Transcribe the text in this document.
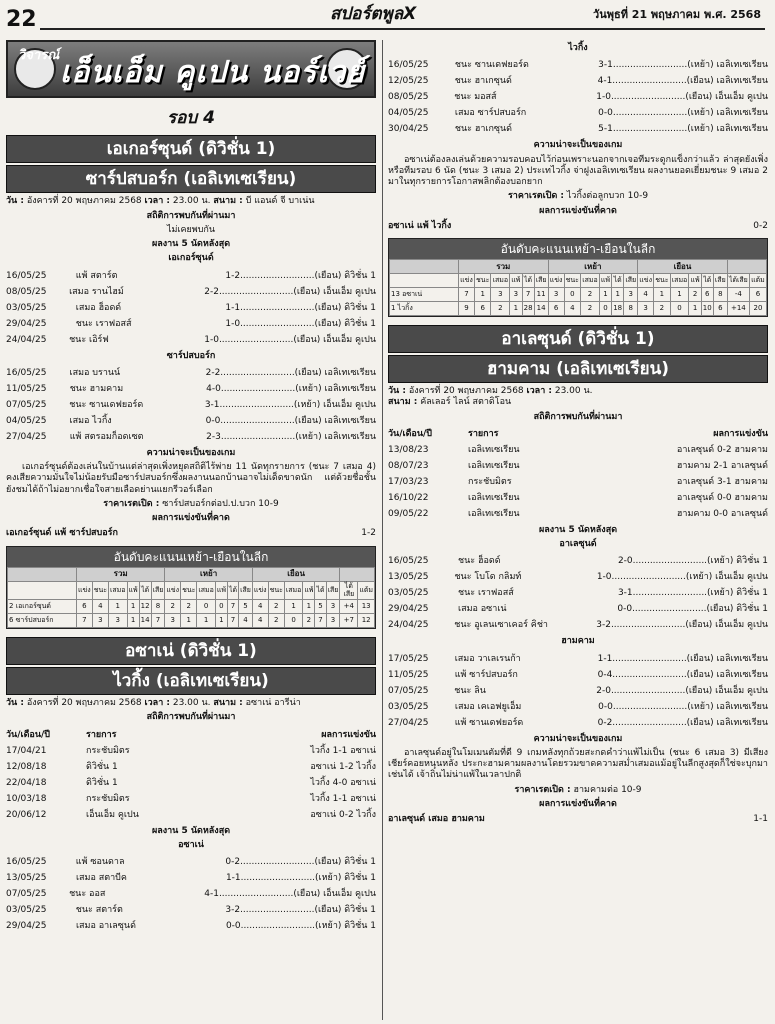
22	สปอร์ตพูลX	วันพุธที่ 21 พฤษภาคม พ.ศ. 2568
วิจารณ์ เอ็นเอ็ม คูเปน นอร์เวย์
รอบ 4
เอเกอร์ซุนด์ (ดิวิชั่น 1)
ซาร์ปสบอร์ก (เอลิเทเซเรียน)
วัน : อังคารที่ 20 พฤษภาคม 2568 เวลา : 23.00 น. สนาม : บี แอนด์ จี บาเน่น
สถิติการพบกันที่ผ่านมา
ไม่เคยพบกัน
ผลงาน 5 นัดหลังสุด
เอเกอร์ซุนด์
16/05/25	แพ้ สตาร์ต	1-2..........................(เยือน) ดิวิชั่น 1
08/05/25	เสมอ รานไฮม์	2-2..........................(เยือน) เอ็นเอ็ม คูเปน
03/05/25	เสมอ ฮ็อดด์	1-1..........................(เยือน) ดิวิชั่น 1
29/04/25	ชนะ เราฟอสส์	1-0..........................(เยือน) ดิวิชั่น 1
24/04/25	ชนะ เอิร์ฟ	1-0..........................(เยือน) เอ็นเอ็ม คูเปน
ซาร์ปสบอร์ก
16/05/25	เสมอ บรานน์	2-2..........................(เยือน) เอลิเทเซเรียน
11/05/25	ชนะ ฮามคาม	4-0..........................(เหย้า) เอลิเทเซเรียน
07/05/25	ชนะ ซานเดฟยอร์ด	3-1..........................(เหย้า) เอ็นเอ็ม คูเปน
04/05/25	เสมอ ไวกิ้ง	0-0..........................(เยือน) เอลิเทเซเรียน
27/04/25	แพ้ สตรอมก็อดเซต	2-3..........................(เหย้า) เอลิเทเซเรียน
ความน่าจะเป็นของเกม
เอเกอร์ซุนด์ต้องเล่นในบ้านแต่ล่าสุดเพิ่งหยุดสถิติไร้พ่าย 11 นัดทุกรายการ (ชนะ 7 เสมอ 4) คงเสียความมั่นใจไม่น้อยรับมือซาร์ปสบอร์กซึ่งผลงานนอกบ้านอาจไม่เด็ดขาดนัก แต่ด้วยชื่อชั้นยังชมได้ถ้าไม่อยากเชื่อใจสายเลือดย่านแยกรีวอร์เลือก
ราคาเรตเปิด : ซาร์ปสบอร์กต่อป.ป.บวก 10-9
ผลการแข่งขันที่คาด
เอเกอร์ซุนด์ แพ้ ซาร์ปสบอร์ก	1-2
อันดับคะแนนเหย้า-เยือนในลีก
	รวม						เหย้า						เยือน							
	แข่ง	ชนะ	เสมอ	แพ้	ได้	เสีย	แข่ง	ชนะ	เสมอ	แพ้	ได้	เสีย	แข่ง	ชนะ	เสมอ	แพ้	ได้	เสีย	ได้เสีย	แต้ม
2 เอเกอร์ซุนด์	6	4	1	1	12	8	2	2	0	0	7	5	4	2	1	1	5	3	+4	13
6 ซาร์ปสบอร์ก	7	3	3	1	14	7	3	1	1	1	7	4	4	2	0	2	7	3	+7	12
อซาเน่ (ดิวิชั่น 1)
ไวกิ้ง (เอลิเทเซเรียน)
วัน : อังคารที่ 20 พฤษภาคม 2568 เวลา : 23.00 น. สนาม : อซาเน่ อารีน่า
สถิติการพบกันที่ผ่านมา
วัน/เดือน/ปี	รายการ	ผลการแข่งขัน
17/04/21	กระชับมิตร	ไวกิ้ง 1-1 อซาเน่
12/08/18	ดิวิชั่น 1	อซาเน่ 1-2 ไวกิ้ง
22/04/18	ดิวิชั่น 1	ไวกิ้ง 4-0 อซาเน่
10/03/18	กระชับมิตร	ไวกิ้ง 1-1 อซาเน่
20/06/12	เอ็นเอ็ม คูเปน	อซาเน่ 0-2 ไวกิ้ง
ผลงาน 5 นัดหลังสุด
อซาเน่
16/05/25	แพ้ ซอนดาล	0-2..........................(เยือน) ดิวิชั่น 1
13/05/25	เสมอ สตาบีค	1-1..........................(เหย้า) ดิวิชั่น 1
07/05/25	ชนะ ออส	4-1..........................(เยือน) เอ็นเอ็ม คูเปน
03/05/25	ชนะ สตาร์ต	3-2..........................(เยือน) ดิวิชั่น 1
29/04/25	เสมอ อาเลซุนด์	0-0..........................(เหย้า) ดิวิชั่น 1
ไวกิ้ง
16/05/25	ชนะ ซานเดฟยอร์ด	3-1..........................(เหย้า) เอลิเทเซเรียน
12/05/25	ชนะ ฮาเกซุนด์	4-1..........................(เยือน) เอลิเทเซเรียน
08/05/25	ชนะ มอสส์	1-0..........................(เยือน) เอ็นเอ็ม คูเปน
04/05/25	เสมอ ซาร์ปสบอร์ก	0-0..........................(เหย้า) เอลิเทเซเรียน
30/04/25	ชนะ ฮาเกซุนด์	5-1..........................(เหย้า) เอลิเทเซเรียน
ความน่าจะเป็นของเกม
อซาเน่ต้องลงเล่นด้วยความรอบคอบไว้ก่อนเพราะนอกจากเจอทีมระดูกแข็งกว่าแล้ว ล่าสุดยังเพิ่งหรือทีมรอบ 6 นัด (ชนะ 3 เสมอ 2) ประเทไวกิ้ง จ่าฝูงเอลิเทเซเรียน ผลงานยอดเยี่ยมชนะ 9 เสมอ 2 มาในทุกรายการโอกาสพลิกต้องบอกยาก
ราคาเรตเปิด : ไวกิ้งต่อลูกบวก 10-9
ผลการแข่งขันที่คาด
อซาเน่ แพ้ ไวกิ้ง	0-2
อันดับคะแนนเหย้า-เยือนในลีก
	รวม						เหย้า						เยือน							
	แข่ง	ชนะ	เสมอ	แพ้	ได้	เสีย	แข่ง	ชนะ	เสมอ	แพ้	ได้	เสีย	แข่ง	ชนะ	เสมอ	แพ้	ได้	เสีย	ได้เสีย	แต้ม
13 อซาเน่	7	1	3	3	7	11	3	0	2	1	1	3	4	1	1	2	6	8	-4	6
1 ไวกิ้ง	9	6	2	1	28	14	6	4	2	0	18	8	3	2	0	1	10	6	+14	20
อาเลซุนด์ (ดิวิชั่น 1)
ฮามคาม (เอลิเทเซเรียน)
วัน : อังคารที่ 20 พฤษภาคม 2568 เวลา : 23.00 น.
สนาม : คัลเลอร์ ไลน์ สตาดิโอน
สถิติการพบกันที่ผ่านมา
วัน/เดือน/ปี	รายการ	ผลการแข่งขัน
13/08/23	เอลิเทเซเรียน	อาเลซุนด์ 0-2 ฮามคาม
08/07/23	เอลิเทเซเรียน	ฮามคาม 2-1 อาเลซุนด์
17/03/23	กระชับมิตร	อาเลซุนด์ 3-1 ฮามคาม
16/10/22	เอลิเทเซเรียน	อาเลซุนด์ 0-0 ฮามคาม
09/05/22	เอลิเทเซเรียน	ฮามคาม 0-0 อาเลซุนด์
ผลงาน 5 นัดหลังสุด
อาเลซุนด์
16/05/25	ชนะ ฮ็อดด์	2-0..........................(เหย้า) ดิวิชั่น 1
13/05/25	ชนะ โบโด กลิมท์	1-0..........................(เหย้า) เอ็นเอ็ม คูเปน
03/05/25	ชนะ เราฟอสส์	3-1..........................(เหย้า) ดิวิชั่น 1
29/04/25	เสมอ อซาเน่	0-0..........................(เยือน) ดิวิชั่น 1
24/04/25	ชนะ อูเลนเซาเคอร์ คิช่า	3-2..........................(เยือน) เอ็นเอ็ม คูเปน
ฮามคาม
17/05/25	เสมอ วาเลเรนก้า	1-1..........................(เยือน) เอลิเทเซเรียน
11/05/25	แพ้ ซาร์ปสบอร์ก	0-4..........................(เยือน) เอลิเทเซเรียน
07/05/25	ชนะ ลิน	2-0..........................(เยือน) เอ็นเอ็ม คูเปน
03/05/25	เสมอ เคเอฟยูเอ็ม	0-0..........................(เหย้า) เอลิเทเซเรียน
27/04/25	แพ้ ซานเดฟยอร์ด	0-2..........................(เยือน) เอลิเทเซเรียน
ความน่าจะเป็นของเกม
อาเลซุนด์อยู่ในโมเมนตัมที่ดี 9 เกมหลังทุกถ้วยสะกดคำว่าแพ้ไม่เป็น (ชนะ 6 เสมอ 3) มีเสียงเชียร์คอยหนุนหลัง ประกะฮามคามผลงานโดยรวมขาดความสม่ำเสมอแม้อยู่ในลีกสูงสุดก็ใช่จะบุกมาเช่นได้ เจ้าถิ่นไม่น่าแพ้ในเวลาปกติ
ราคาเรตเปิด : ฮามคามต่อ 10-9
ผลการแข่งขันที่คาด
อาเลซุนด์ เสมอ ฮามคาม	1-1
